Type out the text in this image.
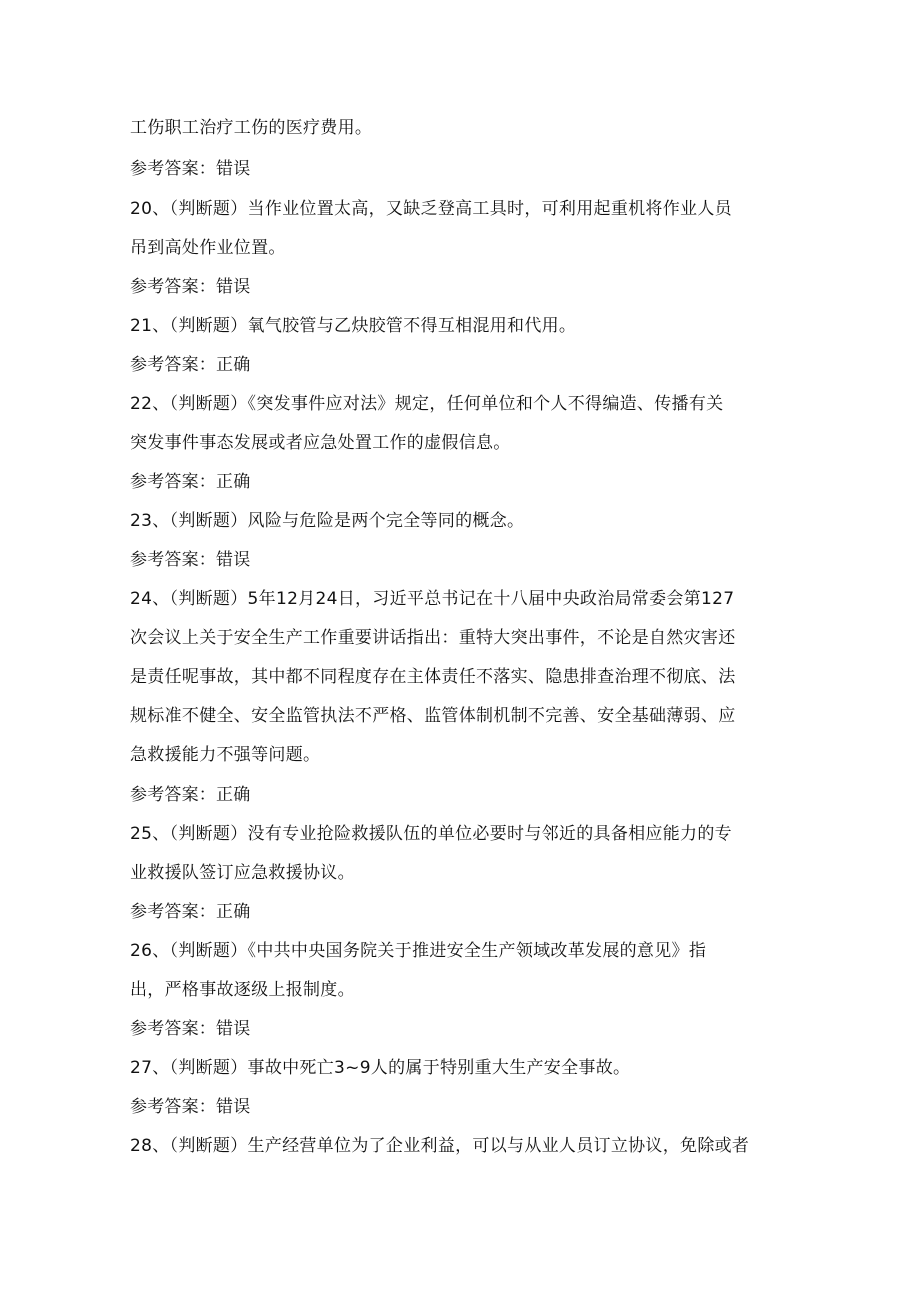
工伤职工治疗工伤的医疗费用。
参考答案：错误
20、（判断题）当作业位置太高，又缺乏登高工具时，可利用起重机将作业人员
吊到高处作业位置。
参考答案：错误
21、（判断题）氧气胶管与乙炔胶管不得互相混用和代用。
参考答案：正确
22、（判断题）《突发事件应对法》规定，任何单位和个人不得编造、传播有关
突发事件事态发展或者应急处置工作的虚假信息。
参考答案：正确
23、（判断题）风险与危险是两个完全等同的概念。
参考答案：错误
24、（判断题）5年12月24日，习近平总书记在十八届中央政治局常委会第127
次会议上关于安全生产工作重要讲话指出：重特大突出事件，不论是自然灾害还
是责任呢事故，其中都不同程度存在主体责任不落实、隐患排查治理不彻底、法
规标准不健全、安全监管执法不严格、监管体制机制不完善、安全基础薄弱、应
急救援能力不强等问题。
参考答案：正确
25、（判断题）没有专业抢险救援队伍的单位必要时与邻近的具备相应能力的专
业救援队签订应急救援协议。
参考答案：正确
26、（判断题）《中共中央国务院关于推进安全生产领域改革发展的意见》指
出，严格事故逐级上报制度。
参考答案：错误
27、（判断题）事故中死亡3~9人的属于特别重大生产安全事故。
参考答案：错误
28、（判断题）生产经营单位为了企业利益，可以与从业人员订立协议，免除或者
